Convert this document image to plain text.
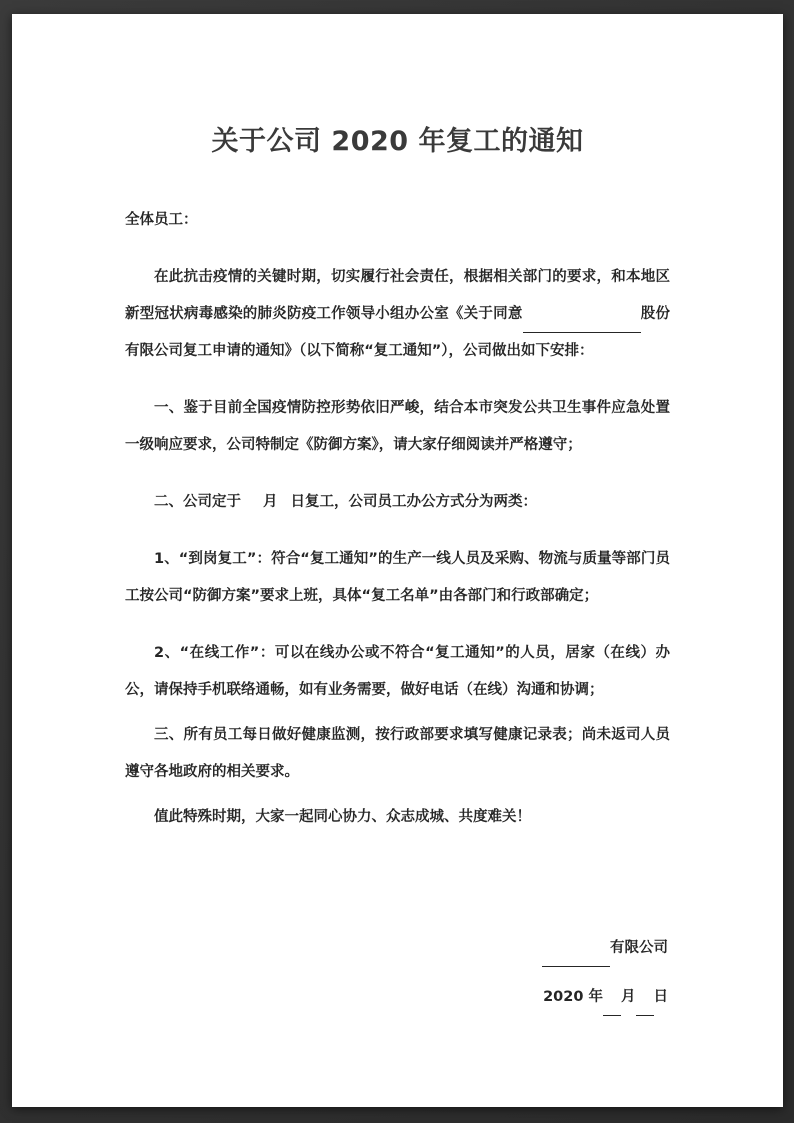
关于公司 2020 年复工的通知

全体员工：

在此抗击疫情的关键时期，切实履行社会责任，根据相关部门的要求，和本地区新型冠状病毒感染的肺炎防疫工作领导小组办公室《关于同意	股份有限公司复工申请的通知》（以下简称“复工通知”），公司做出如下安排：

一、鉴于目前全国疫情防控形势依旧严峻，结合本市突发公共卫生事件应急处置一级响应要求，公司特制定《防御方案》，请大家仔细阅读并严格遵守；

二、公司定于 月 日复工，公司员工办公方式分为两类：

1、“到岗复工”：符合“复工通知”的生产一线人员及采购、物流与质量等部门员工按公司“防御方案”要求上班，具体“复工名单”由各部门和行政部确定；

2、“在线工作”：可以在线办公或不符合“复工通知”的人员，居家（在线）办公，请保持手机联络通畅，如有业务需要，做好电话（在线）沟通和协调；

三、所有员工每日做好健康监测，按行政部要求填写健康记录表；尚未返司人员遵守各地政府的相关要求。

值此特殊时期，大家一起同心协力、众志成城、共度难关！

有限公司

2020 年 月 日
